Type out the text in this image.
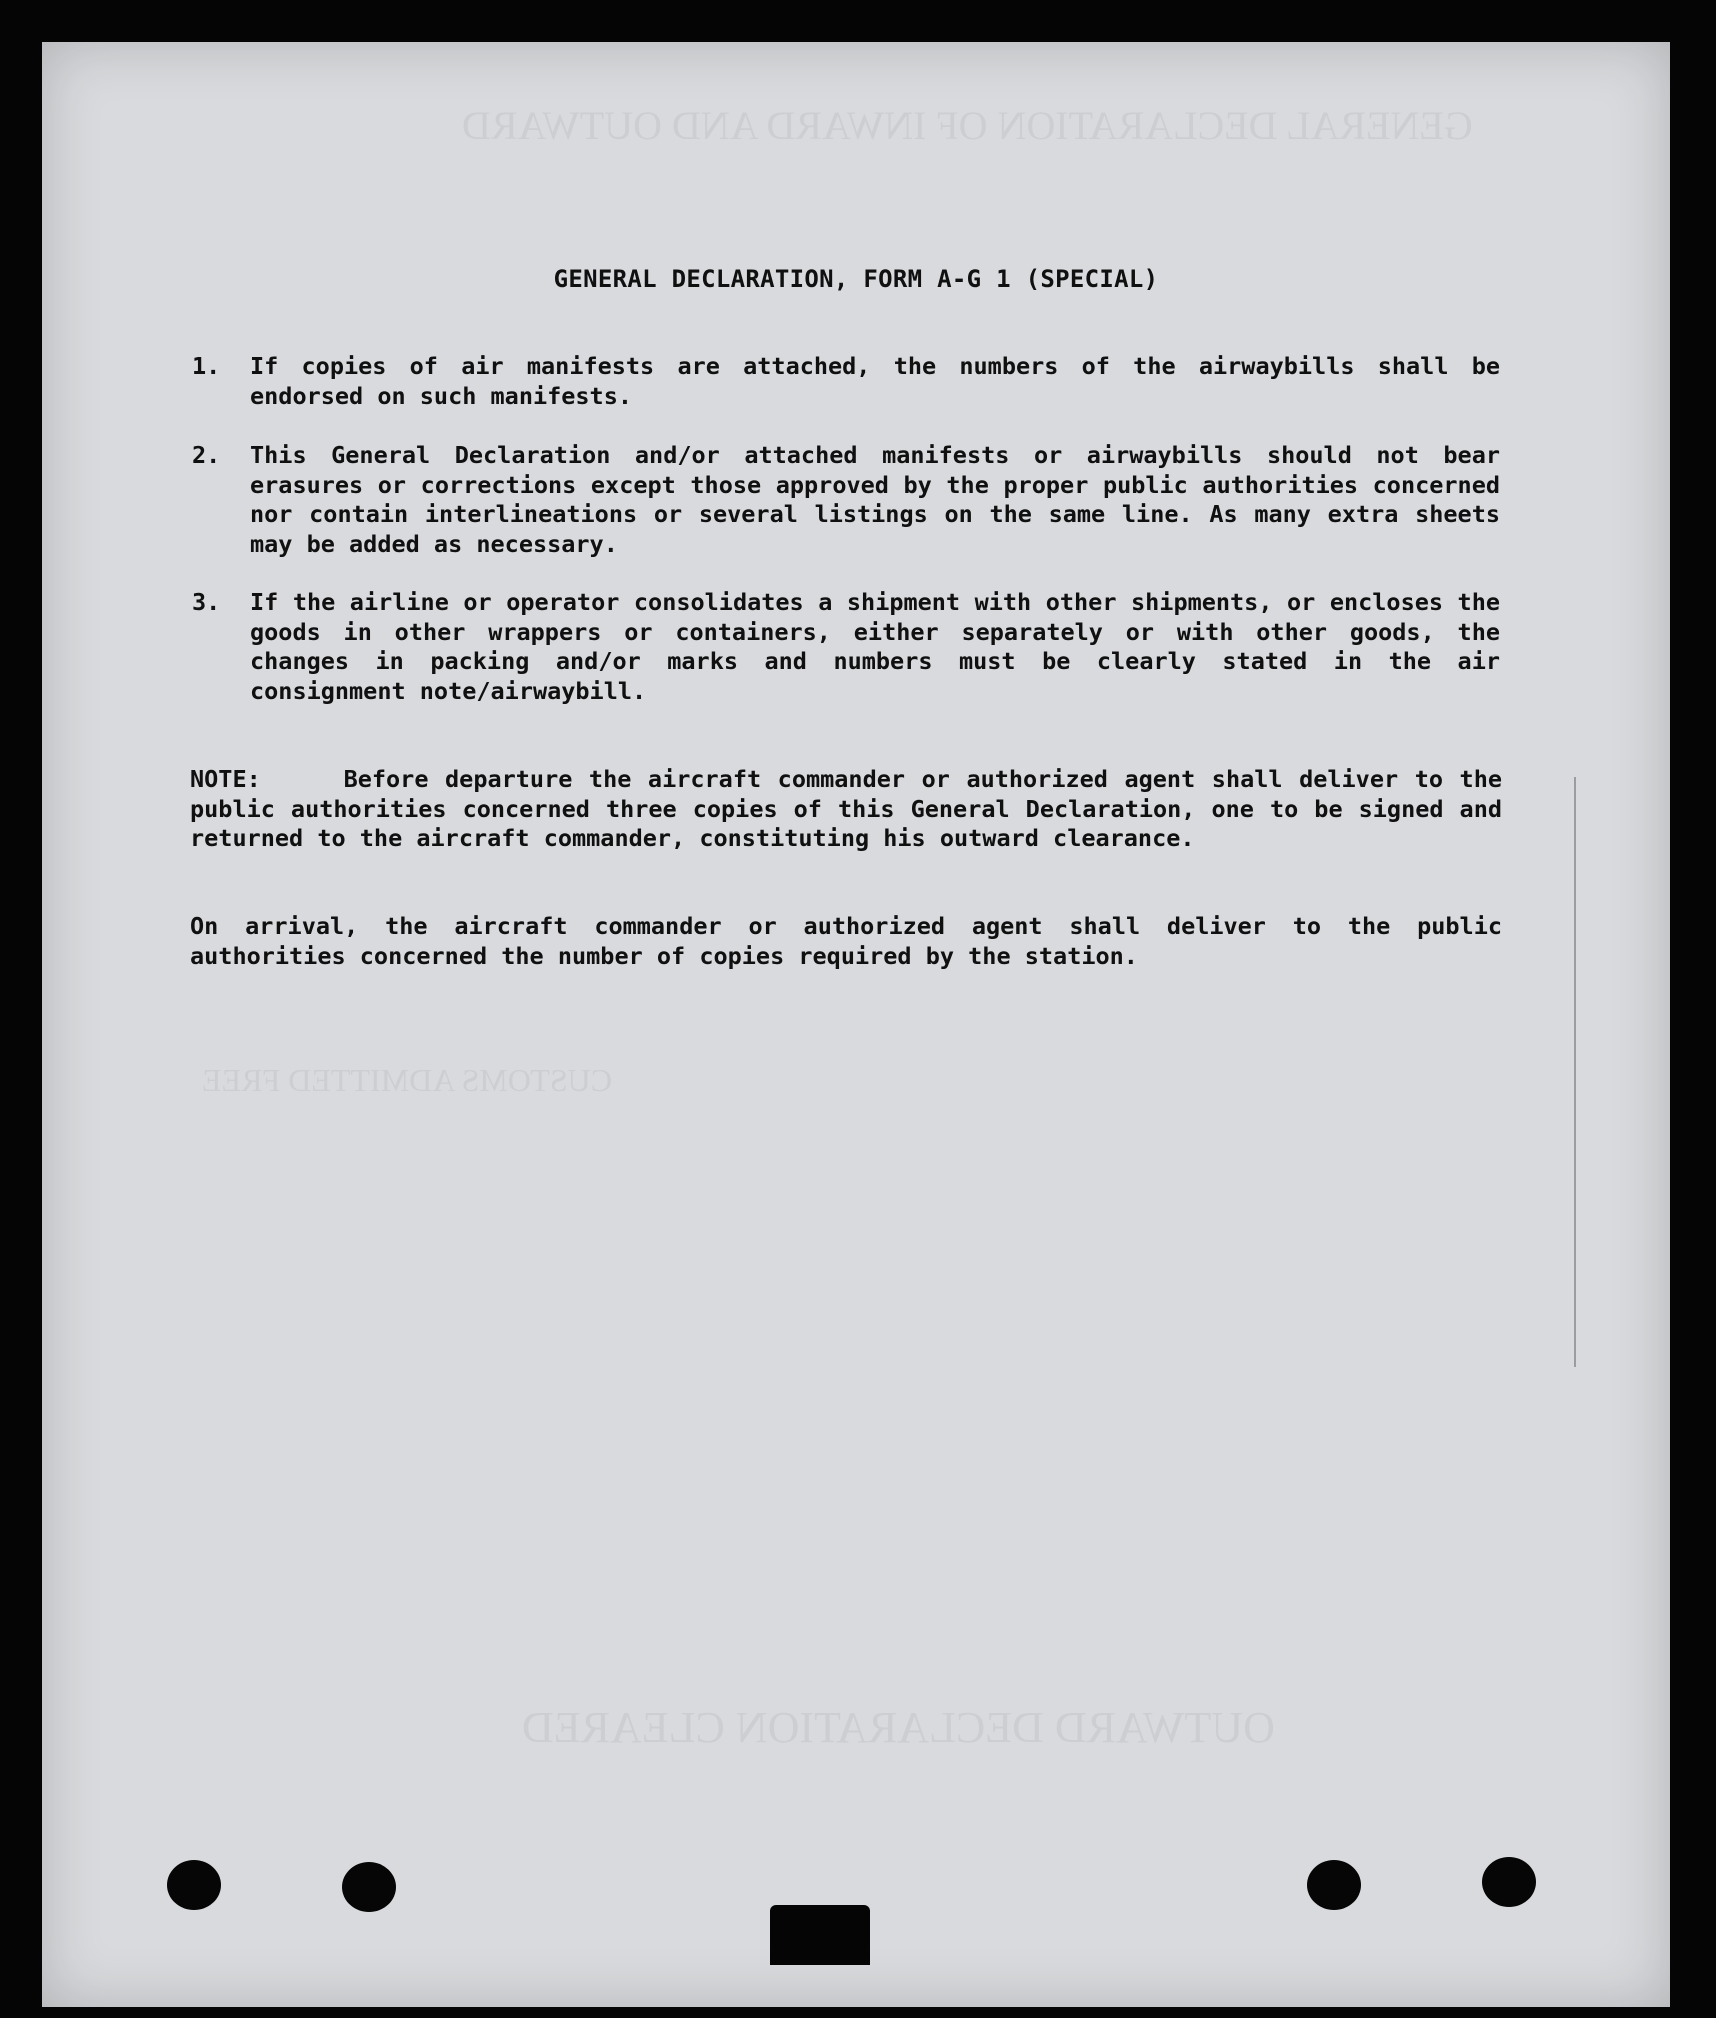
GENERAL DECLARATION OF INWARD AND OUTWARD
OUTWARD DECLARATION CLEARED
CUSTOMS ADMITTED FREE
GENERAL DECLARATION, FORM A-G 1 (SPECIAL)
1. If copies of air manifests are attached, the numbers of the airwaybills shall be endorsed on such manifests.
2. This General Declaration and/or attached manifests or airwaybills should not bear erasures or corrections except those approved by the proper public authorities concerned nor contain interlineations or several listings on the same line. As many extra sheets may be added as necessary.
3. If the airline or operator consolidates a shipment with other shipments, or encloses the goods in other wrappers or containers, either separately or with other goods, the changes in packing and/or marks and numbers must be clearly stated in the air consignment note/airwaybill.
NOTE:	Before departure the aircraft commander or authorized agent shall deliver to the public authorities concerned three copies of this General Declaration, one to be signed and returned to the aircraft commander, constituting his outward clearance.
On arrival, the aircraft commander or authorized agent shall deliver to the public authorities concerned the number of copies required by the station.
